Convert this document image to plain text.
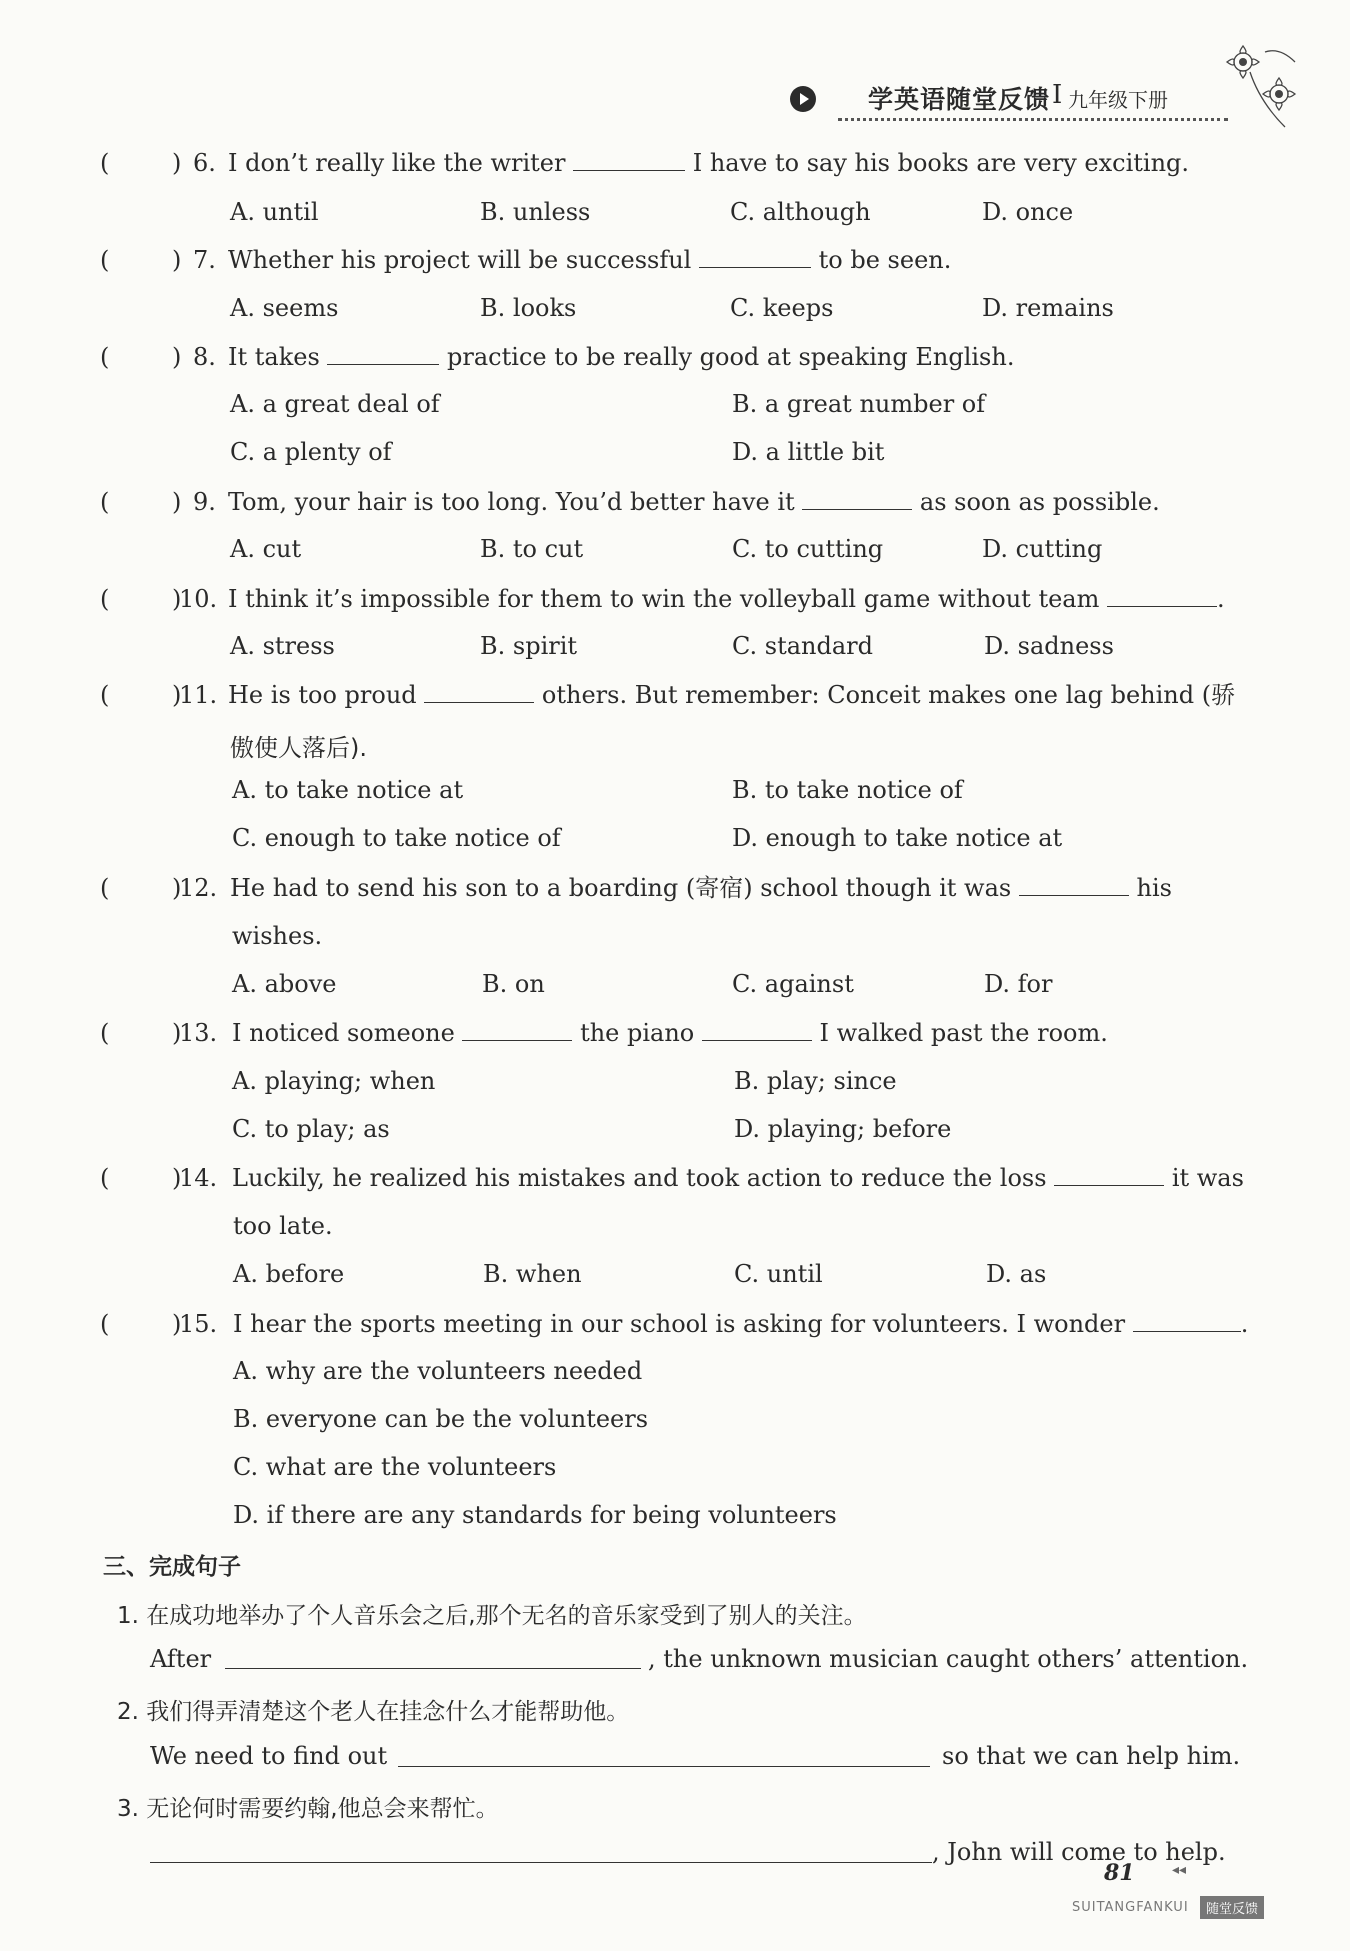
学英语随堂反馈 I 九年级下册
(	) 6. I don’t really like the writer	I have to say his books are very exciting.
A. until	B. unless	C. although	D. once
(	) 7. Whether his project will be successful	to be seen.
A. seems	B. looks	C. keeps	D. remains
(	) 8. It takes	practice to be really good at speaking English.
A. a great deal of	B. a great number of
C. a plenty of	D. a little bit
(	) 9. Tom, your hair is too long. You’d better have it	as soon as possible.
A. cut	B. to cut	C. to cutting	D. cutting
(	)
10. I think it’s impossible for them to win the volleyball game without team	.
A. stress	B. spirit	C. standard	D. sadness
(	)
11. He is too proud	others. But remember: Conceit makes one lag behind (骄
傲使人落后).
A. to take notice at	B. to take notice of
C. enough to take notice of	D. enough to take notice at
(	)
12. He had to send his son to a boarding (寄宿) school though it was	his
wishes.
A. above	B. on	C. against	D. for
(	)
13. I noticed someone	the piano	I walked past the room.
A. playing; when	B. play; since
C. to play; as	D. playing; before
(	)
14. Luckily, he realized his mistakes and took action to reduce the loss	it was
too late.
A. before	B. when	C. until	D. as
(	)
15. I hear the sports meeting in our school is asking for volunteers. I wonder	.
A. why are the volunteers needed
B. everyone can be the volunteers
C. what are the volunteers
D. if there are any standards for being volunteers
三、完成句子
1. 在成功地举办了个人音乐会之后,那个无名的音乐家受到了别人的关注。
After	, the unknown musician caught others’ attention.
2. 我们得弄清楚这个老人在挂念什么才能帮助他。
We need to find out	so that we can help him.
3. 无论何时需要约翰,他总会来帮忙。
, John will come to help.
81	◂◂
SUITANGFANKUI	随堂反馈
